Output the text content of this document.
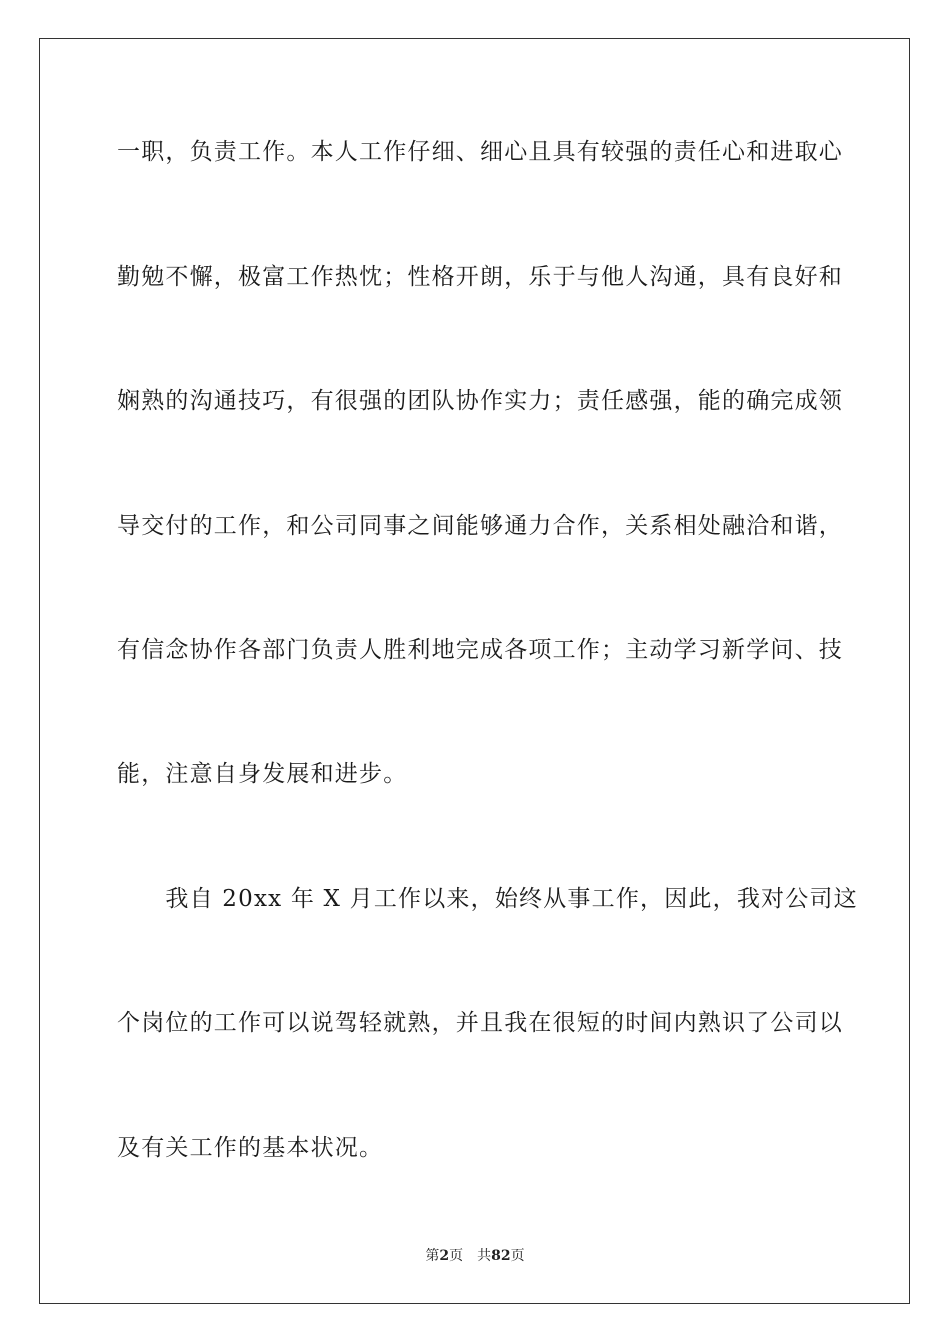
一职，负责工作。本人工作仔细、细心且具有较强的责任心和进取心
勤勉不懈，极富工作热忱；性格开朗，乐于与他人沟通，具有良好和
娴熟的沟通技巧，有很强的团队协作实力；责任感强，能的确完成领
导交付的工作，和公司同事之间能够通力合作，关系相处融洽和谐，
有信念协作各部门负责人胜利地完成各项工作；主动学习新学问、技
能，注意自身发展和进步。
　　我自 20xx 年 X 月工作以来，始终从事工作，因此，我对公司这
个岗位的工作可以说驾轻就熟，并且我在很短的时间内熟识了公司以
及有关工作的基本状况。
第2页 共82页
